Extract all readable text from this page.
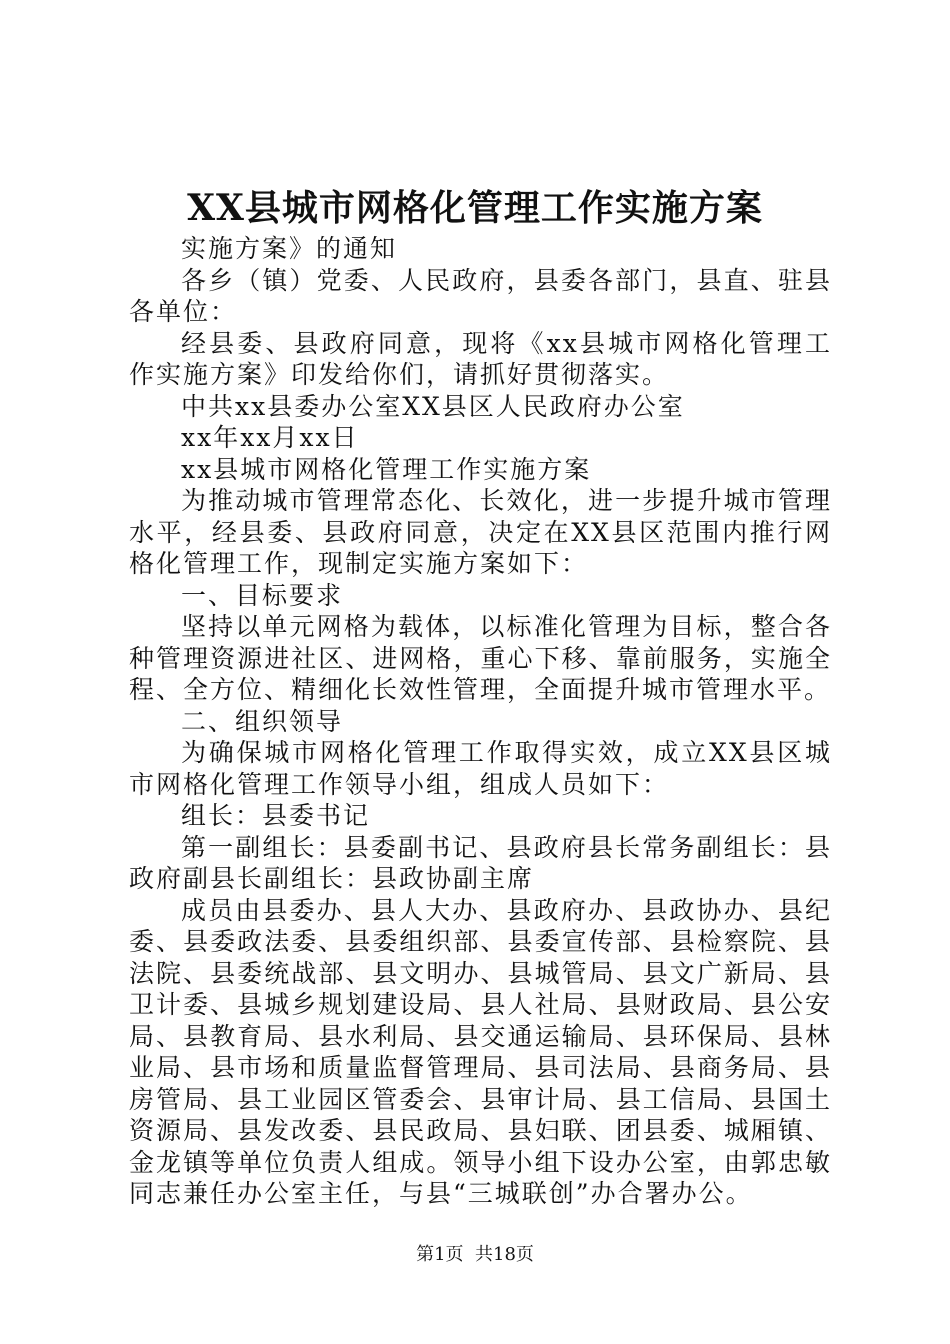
XX县城市网格化管理工作实施方案

实施方案》的通知

各乡（镇）党委、人民政府，县委各部门，县直、驻县各单位：

经县委、县政府同意，现将《xx县城市网格化管理工作实施方案》印发给你们，请抓好贯彻落实。

中共xx县委办公室XX县区人民政府办公室

xx年xx月xx日

xx县城市网格化管理工作实施方案

为推动城市管理常态化、长效化，进一步提升城市管理水平，经县委、县政府同意，决定在XX县区范围内推行网格化管理工作，现制定实施方案如下：

一、目标要求

坚持以单元网格为载体，以标准化管理为目标，整合各种管理资源进社区、进网格，重心下移、靠前服务，实施全程、全方位、精细化长效性管理，全面提升城市管理水平。

二、组织领导

为确保城市网格化管理工作取得实效，成立XX县区城市网格化管理工作领导小组，组成人员如下：

组长：县委书记

第一副组长：县委副书记、县政府县长常务副组长：县政府副县长副组长：县政协副主席

成员由县委办、县人大办、县政府办、县政协办、县纪委、县委政法委、县委组织部、县委宣传部、县检察院、县法院、县委统战部、县文明办、县城管局、县文广新局、县卫计委、县城乡规划建设局、县人社局、县财政局、县公安局、县教育局、县水利局、县交通运输局、县环保局、县林业局、县市场和质量监督管理局、县司法局、县商务局、县房管局、县工业园区管委会、县审计局、县工信局、县国土资源局、县发改委、县民政局、县妇联、团县委、城厢镇、金龙镇等单位负责人组成。领导小组下设办公室，由郭忠敏同志兼任办公室主任，与县“三城联创”办合署办公。

第1页 共18页
